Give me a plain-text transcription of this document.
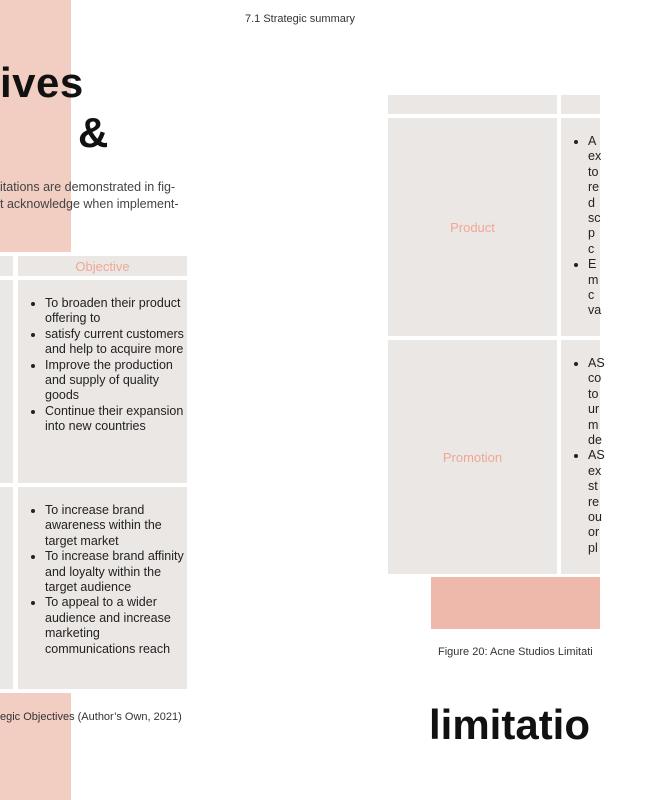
7.1 Strategic summary
ives
&
itations are demonstrated in fig-
t acknowledge when implement-
Objective
• To broaden their product offering to
• satisfy current customers and help to acquire more
• Improve the production and supply of quality goods
• Continue their expansion into new countries
• To increase brand awareness within the target market
• To increase brand affinity and loyalty within the target audience
• To appeal to a wider audience and increase marketing communications reach
egic Objectives (Author’s Own, 2021)
Product
• A
ex
to
re
d
sc
p
c
• E
m
c
va
Promotion
• AS
co
to
ur
m
de
• AS
ex
st
re
ou
or
pl
Figure 20: Acne Studios Limitati
limitatio
